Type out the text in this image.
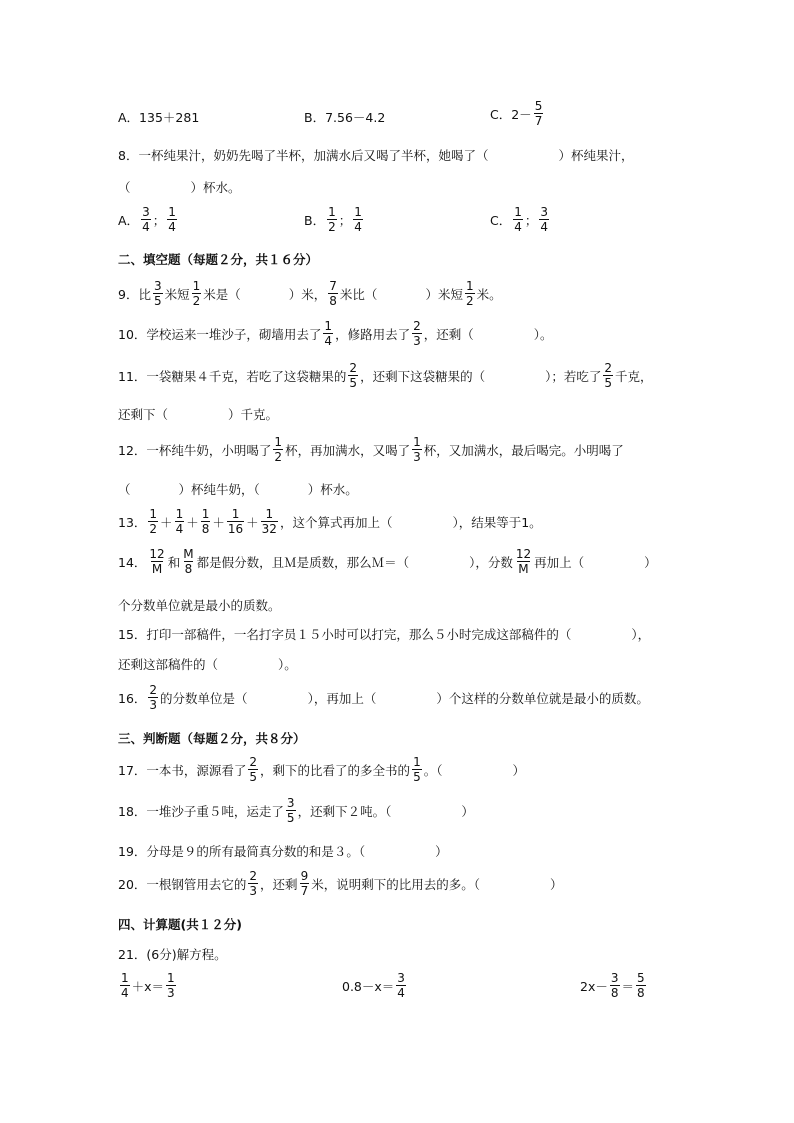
A．135＋281	B．7.56－4.2	C． $2- \frac{5}{7}$
8．一杯纯果汁，奶奶先喝了半杯，加满水后又喝了半杯，她喝了（	）杯纯果汁，
（	）杯水。
A． $\frac{3}{4}$ ； $\frac{1}{4}$	B． $\frac{1}{2}$ ； $\frac{1}{4}$	C． $\frac{1}{4}$ ； $\frac{3}{4}$
二、填空题（每题２分，共１６分）
9．比 $\frac{3}{5}$ 米短 $\frac{1}{2}$ 米是（	）米， $\frac{7}{8}$ 米比（	）米短 $\frac{1}{2}$ 米。
10．学校运来一堆沙子，砌墙用去了 $\frac{1}{4}$ ，修路用去了 $\frac{2}{3}$ ，还剩（	）。
11．一袋糖果４千克，若吃了这袋糖果的 $\frac{2}{5}$ ，还剩下这袋糖果的（	）；若吃了 $\frac{2}{5}$ 千克，
还剩下（	）千克。
12．一杯纯牛奶，小明喝了 $\frac{1}{2}$ 杯，再加满水，又喝了 $\frac{1}{3}$ 杯，又加满水，最后喝完。小明喝了
（	）杯纯牛奶，（	）杯水。
13． $\frac{1}{2} + \frac{1}{4} + \frac{1}{8} + \frac{1}{16} + \frac{1}{32}$ ，这个算式再加上（	），结果等于1。
14． $\frac{12}{M}$ 和 $\frac{M}{8}$ 都是假分数，且Ｍ是质数，那么Ｍ＝（	），分数 $\frac{12}{M}$ 再加上（	）
个分数单位就是最小的质数。
15．打印一部稿件，一名打字员１５小时可以打完，那么５小时完成这部稿件的（	），
还剩这部稿件的（	）。
16． $\frac{2}{3}$ 的分数单位是（	），再加上（	）个这样的分数单位就是最小的质数。
三、判断题（每题２分，共８分）
17．一本书，源源看了 $\frac{2}{5}$ ，剩下的比看了的多全书的 $\frac{1}{5}$ 。（	）
18．一堆沙子重５吨，运走了 $\frac{3}{5}$ ，还剩下２吨。（	）
19．分母是９的所有最简真分数的和是３。（	）
20．一根钢管用去它的 $\frac{2}{3}$ ，还剩 $\frac{9}{7}$ 米，说明剩下的比用去的多。（	）
四、计算题(共１２分)
21．(6分)解方程。
$\frac{1}{4} +x= \frac{1}{3}$	$0.8-x= \frac{3}{4}$	$2x- \frac{3}{8} = \frac{5}{8}$
